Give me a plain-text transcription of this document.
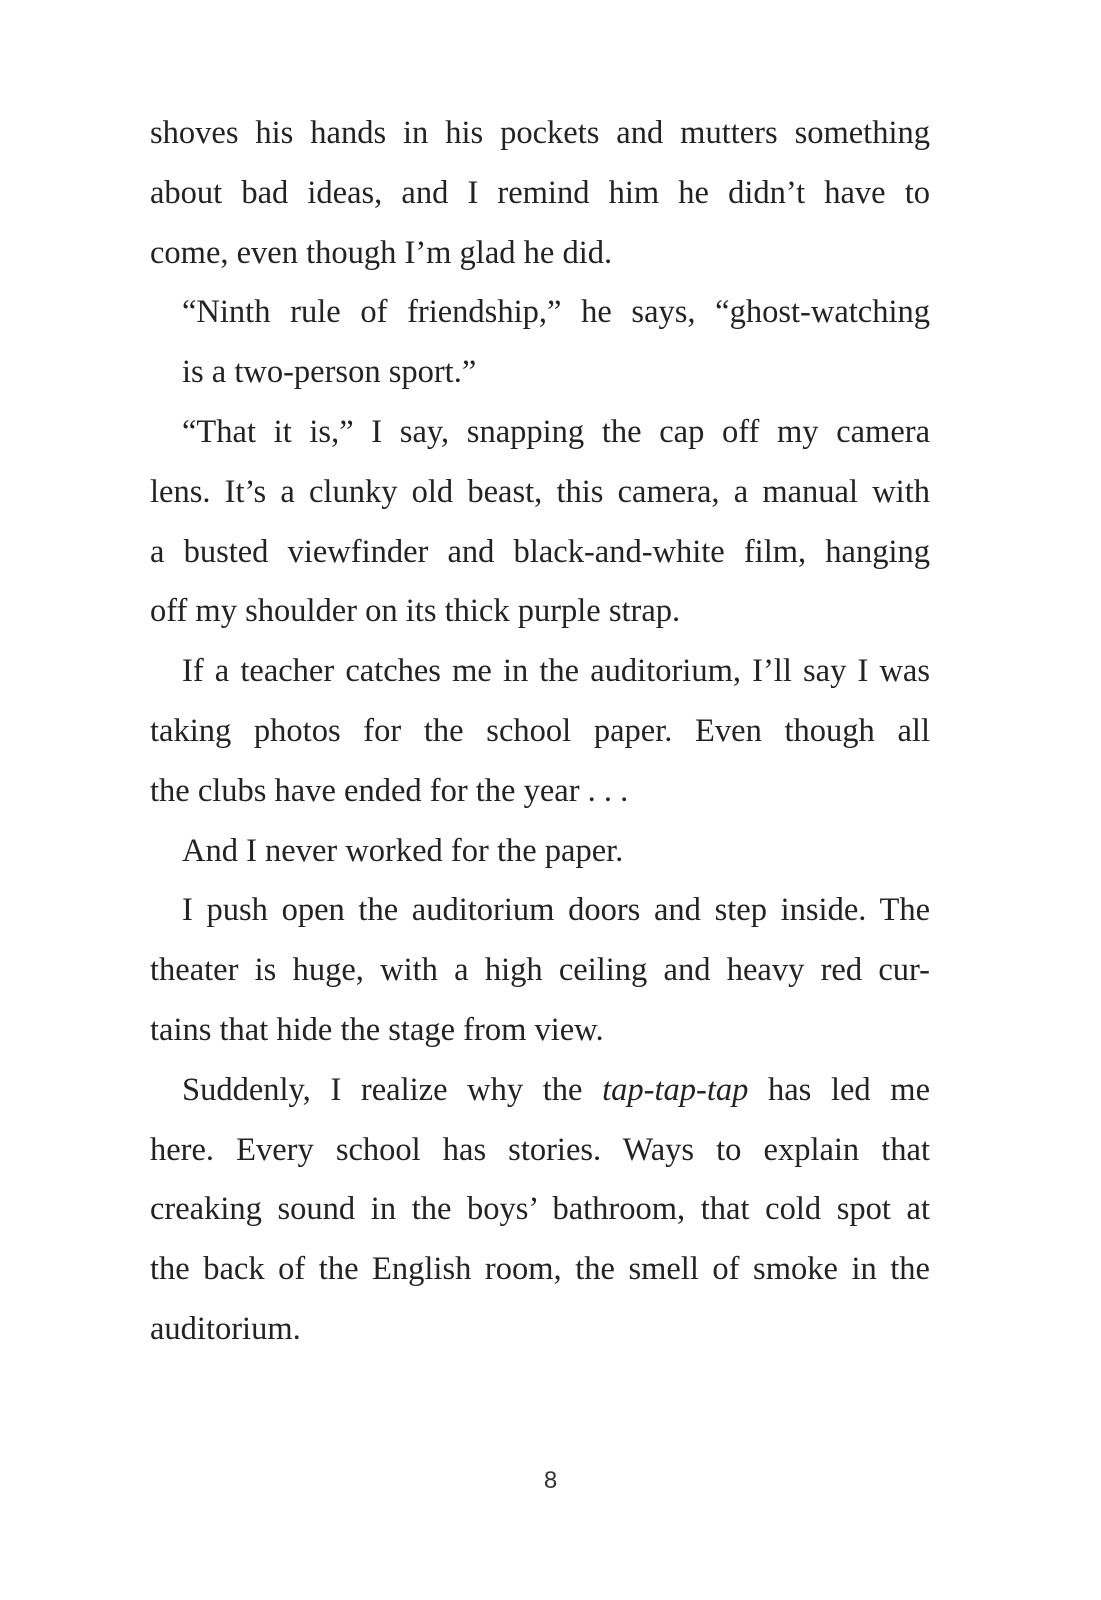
shoves his hands in his pockets and mutters something
about bad ideas, and I remind him he didn’t have to
come, even though I’m glad he did.

“Ninth rule of friendship,” he says, “ghost-watching
is a two-person sport.”

“That it is,” I say, snapping the cap off my camera
lens. It’s a clunky old beast, this camera, a manual with
a busted viewfinder and black-and-white film, hanging
off my shoulder on its thick purple strap.

If a teacher catches me in the auditorium, I’ll say I was
taking photos for the school paper. Even though all
the clubs have ended for the year . . .

And I never worked for the paper.

I push open the auditorium doors and step inside. The
theater is huge, with a high ceiling and heavy red cur-
tains that hide the stage from view.

Suddenly, I realize why the tap-tap-tap has led me
here. Every school has stories. Ways to explain that
creaking sound in the boys’ bathroom, that cold spot at
the back of the English room, the smell of smoke in the
auditorium.

8
